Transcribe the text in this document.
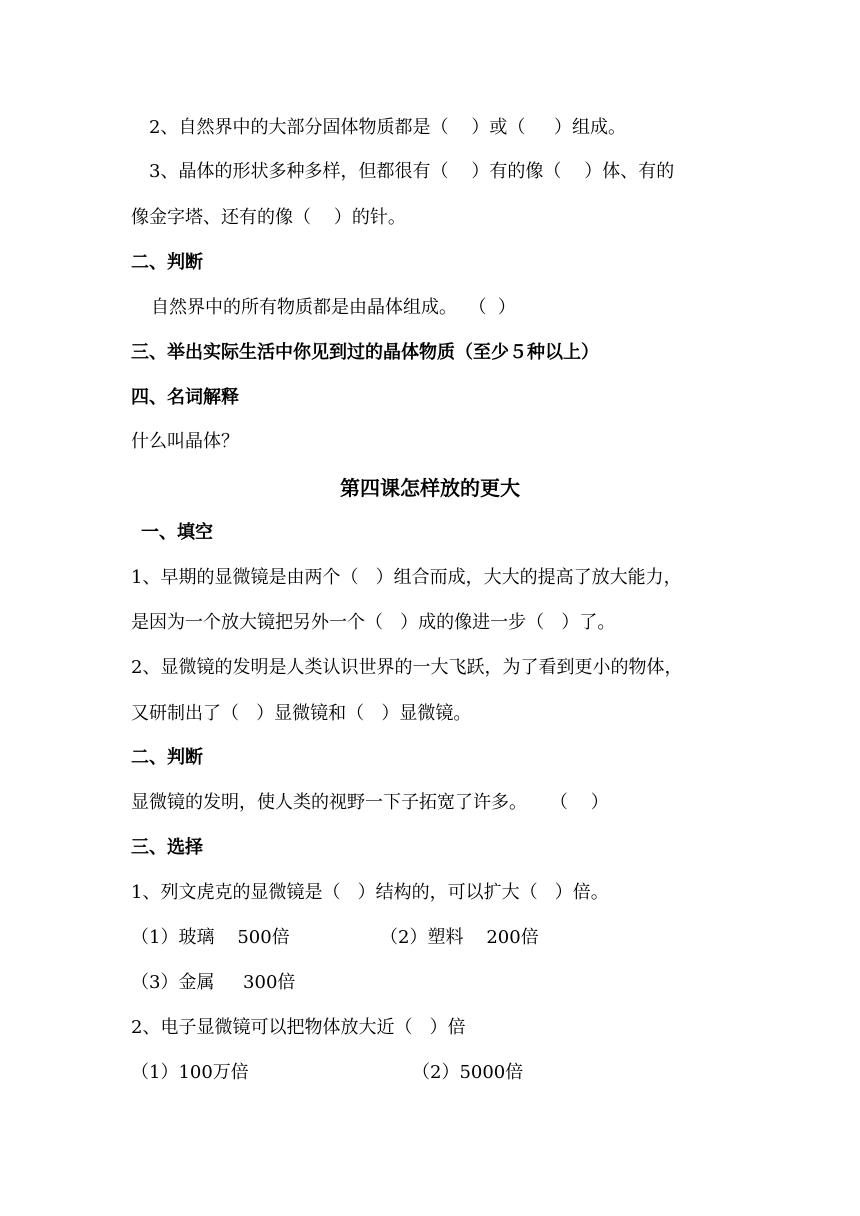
2、自然界中的大部分固体物质都是（    ）或（     ）组成。
3、晶体的形状多种多样，但都很有（    ）有的像（    ）体、有的
像金字塔、还有的像（    ）的针。
二、判断
自然界中的所有物质都是由晶体组成。  （  ）
三、举出实际生活中你见到过的晶体物质（至少５种以上）
四、名词解释
什么叫晶体？
第四课怎样放的更大
一、填空
1、早期的显微镜是由两个（   ）组合而成，大大的提高了放大能力，
是因为一个放大镜把另外一个（   ）成的像进一步（   ）了。
2、显微镜的发明是人类认识世界的一大飞跃，为了看到更小的物体，
又研制出了（   ）显微镜和（   ）显微镜。
二、判断
显微镜的发明，使人类的视野一下子拓宽了许多。    （    ）
三、选择
1、列文虎克的显微镜是（   ）结构的，可以扩大（   ）倍。
（1）玻璃    500倍	（2）塑料    200倍
（3）金属     300倍
2、电子显微镜可以把物体放大近（   ）倍
（1）100万倍	（2）5000倍
